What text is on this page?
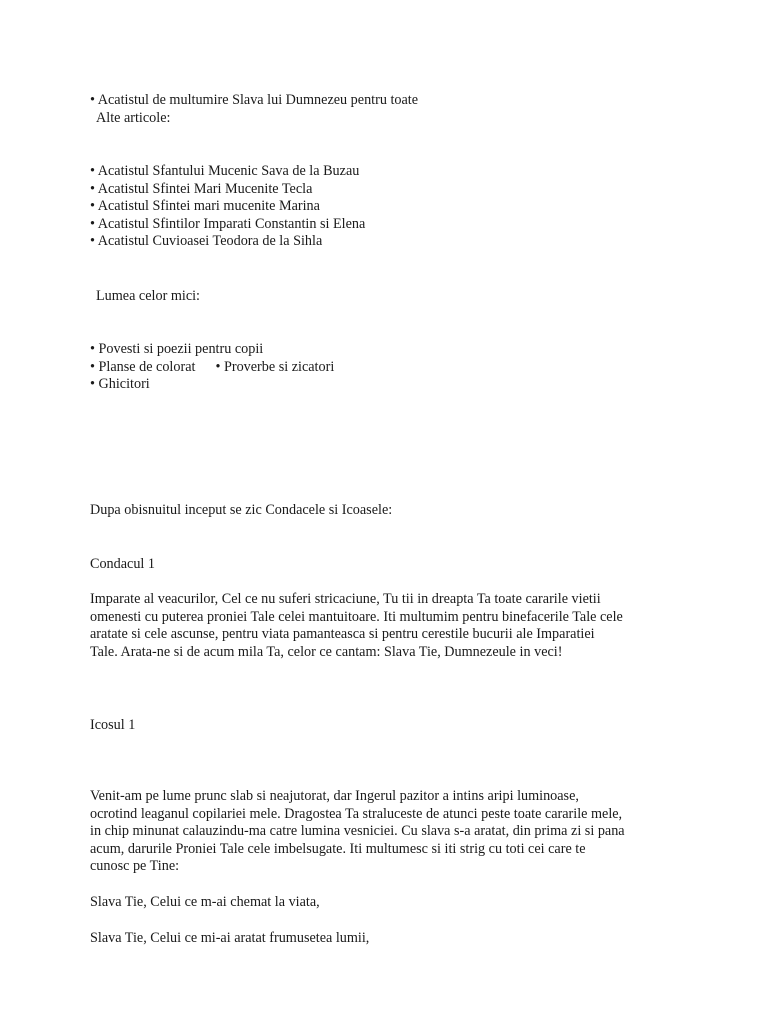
• Acatistul de multumire Slava lui Dumnezeu pentru toate
Alte articole:
• Acatistul Sfantului Mucenic Sava de la Buzau
• Acatistul Sfintei Mari Mucenite Tecla
• Acatistul Sfintei mari mucenite Marina
• Acatistul Sfintilor Imparati Constantin si Elena
• Acatistul Cuvioasei Teodora de la Sihla
Lumea celor mici:
• Povesti si poezii pentru copii
• Planse de colorat • Proverbe si zicatori
• Ghicitori
Dupa obisnuitul inceput se zic Condacele si Icoasele:
Condacul 1
Imparate al veacurilor, Cel ce nu suferi stricaciune, Tu tii in dreapta Ta toate cararile vietii
omenesti cu puterea proniei Tale celei mantuitoare. Iti multumim pentru binefacerile Tale cele
aratate si cele ascunse, pentru viata pamanteasca si pentru cerestile bucurii ale Imparatiei
Tale. Arata-ne si de acum mila Ta, celor ce cantam: Slava Tie, Dumnezeule in veci!
Icosul 1
Venit-am pe lume prunc slab si neajutorat, dar Ingerul pazitor a intins aripi luminoase,
ocrotind leaganul copilariei mele. Dragostea Ta straluceste de atunci peste toate cararile mele,
in chip minunat calauzindu-ma catre lumina vesniciei. Cu slava s-a aratat, din prima zi si pana
acum, darurile Proniei Tale cele imbelsugate. Iti multumesc si iti strig cu toti cei care te
cunosc pe Tine:
Slava Tie, Celui ce m-ai chemat la viata,
Slava Tie, Celui ce mi-ai aratat frumusetea lumii,
